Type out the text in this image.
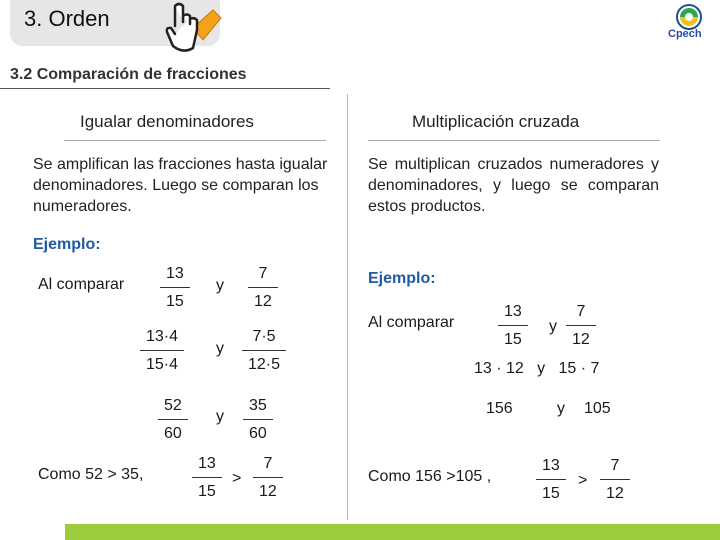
3. Orden
Cpech
3.2 Comparación de fracciones
Igualar denominadores
Se amplifican las fracciones hasta igualar denominadores. Luego se comparan los numeradores.
Ejemplo:
Al comparar
13
15
y
7
12
13·4
15·4
y
7·5
12·5
52
60
y
35
60
Como 52 > 35,
13
15
>
7
12
Multiplicación cruzada
Se multiplican cruzados numeradores y denominadores, y luego se comparan estos productos.
Ejemplo:
Al comparar
13
15
y
7
12
13 · 12   y   15 · 7
156	y 105
Como 156 >105 ,
13
15
>
7
12
